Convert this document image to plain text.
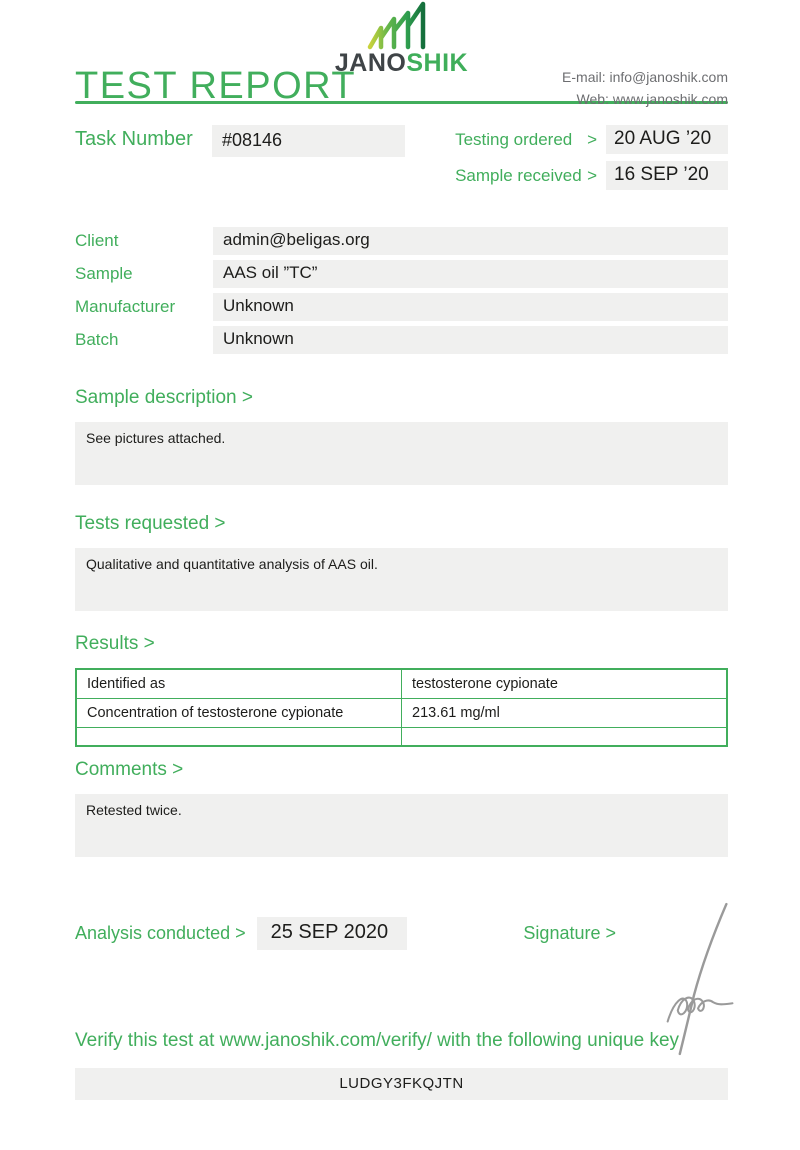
TEST REPORT
JANOSHIK	E-mail: info@janoshik.com
Web: www.janoshik.com
Task Number	#08146	Testing ordered > 20 AUG ’20
Sample received > 16 SEP ’20
Client	admin@beligas.org
Sample	AAS oil ”TC”
Manufacturer	Unknown
Batch	Unknown
Sample description >
See pictures attached.
Tests requested >
Qualitative and quantitative analysis of AAS oil.
Results >
Identified as	testosterone cypionate
Concentration of testosterone cypionate	213.61 mg/ml

Comments >
Retested twice.
Analysis conducted >	25 SEP 2020	Signature >
Verify this test at www.janoshik.com/verify/ with the following unique key
LUDGY3FKQJTN
